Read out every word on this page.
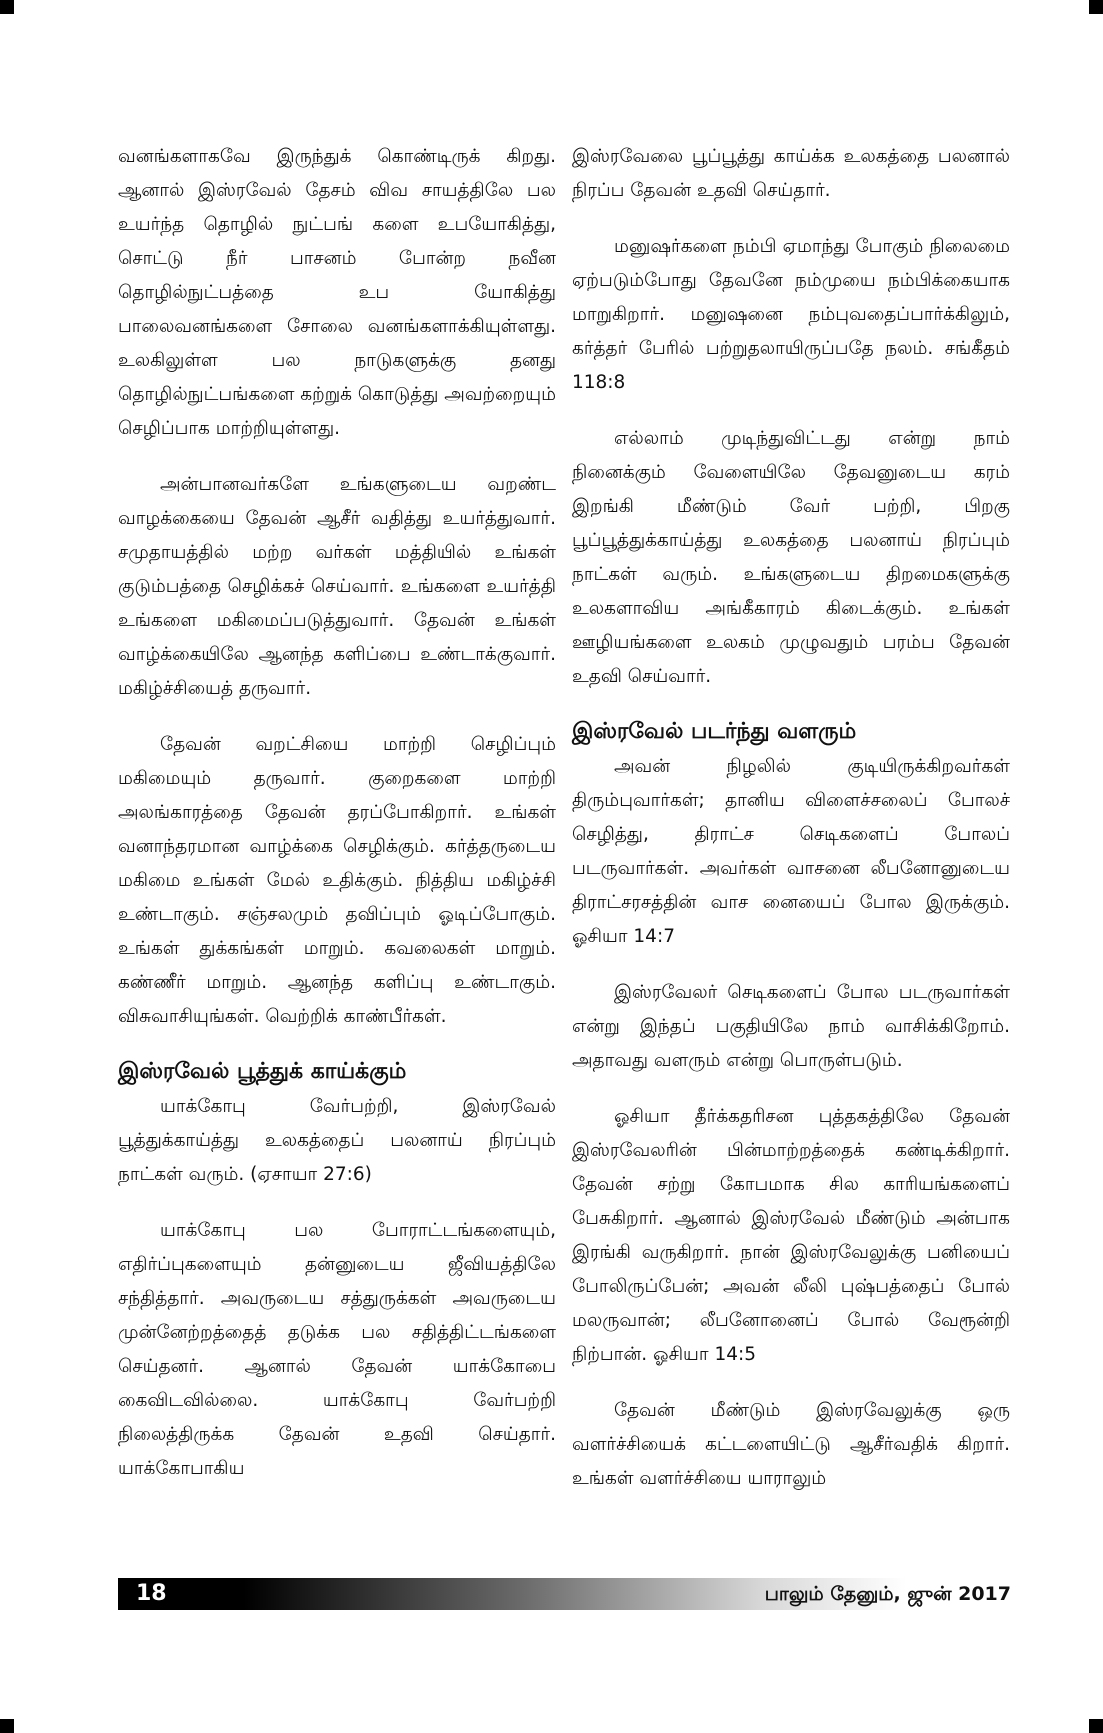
வனங்களாகவே இருந்துக் கொண்டிருக் கிறது. ஆனால் இஸ்ரவேல் தேசம் விவ சாயத்திலே பல உயர்ந்த தொழில் நுட்பங் களை உபயோகித்து, சொட்டு நீர் பாசனம் போன்ற நவீன தொழில்நுட்பத்தை உப யோகித்து பாலைவனங்களை சோலை வனங்களாக்கியுள்ளது. உலகிலுள்ள பல நாடுகளுக்கு தனது தொழில்நுட்பங்களை கற்றுக் கொடுத்து அவற்றையும் செழிப்பாக மாற்றியுள்ளது.

அன்பானவர்களே உங்களுடைய வறண்ட வாழக்கையை தேவன் ஆசீர் வதித்து உயர்த்துவார். சமுதாயத்தில் மற்ற வர்கள் மத்தியில் உங்கள் குடும்பத்தை செழிக்கச் செய்வார். உங்களை உயர்த்தி உங்களை மகிமைப்படுத்துவார். தேவன் உங்கள் வாழ்க்கையிலே ஆனந்த களிப்பை உண்டாக்குவார். மகிழ்ச்சியைத் தருவார்.

தேவன் வறட்சியை மாற்றி செழிப்பும் மகிமையும் தருவார். குறைகளை மாற்றி அலங்காரத்தை தேவன் தரப்போகிறார். உங்கள் வனாந்தரமான வாழ்க்கை செழிக்கும். கர்த்தருடைய மகிமை உங்கள் மேல் உதிக்கும். நித்திய மகிழ்ச்சி உண்டாகும். சஞ்சலமும் தவிப்பும் ஓடிப்போகும். உங்கள் துக்கங்கள் மாறும். கவலைகள் மாறும். கண்ணீர் மாறும். ஆனந்த களிப்பு உண்டாகும். விசுவாசியுங்கள். வெற்றிக் காண்பீர்கள்.

இஸ்ரவேல் பூத்துக் காய்க்கும்

யாக்கோபு வேர்பற்றி, இஸ்ரவேல் பூத்துக்காய்த்து உலகத்தைப் பலனாய் நிரப்பும் நாட்கள் வரும். (ஏசாயா 27:6)

யாக்கோபு பல போராட்டங்களையும், எதிர்ப்புகளையும் தன்னுடைய ஜீவியத்திலே சந்தித்தார். அவருடைய சத்துருக்கள் அவருடைய முன்னேற்றத்தைத் தடுக்க பல சதித்திட்டங்களை செய்தனர். ஆனால் தேவன் யாக்கோபை கைவிடவில்லை. யாக்கோபு வேர்பற்றி நிலைத்திருக்க தேவன் உதவி செய்தார். யாக்கோபாகிய

இஸ்ரவேலை பூப்பூத்து காய்க்க உலகத்தை பலனால் நிரப்ப தேவன் உதவி செய்தார்.

மனுஷர்களை நம்பி ஏமாந்து போகும் நிலைமை ஏற்படும்போது தேவனே நம்முயை நம்பிக்கையாக மாறுகிறார். மனுஷனை நம்புவதைப்பார்க்கிலும், கர்த்தர் பேரில் பற்றுதலாயிருப்பதே நலம். சங்கீதம் 118:8

எல்லாம் முடிந்துவிட்டது என்று நாம் நினைக்கும் வேளையிலே தேவனுடைய கரம் இறங்கி மீண்டும் வேர் பற்றி, பிறகு பூப்பூத்துக்காய்த்து உலகத்தை பலனாய் நிரப்பும் நாட்கள் வரும். உங்களுடைய திறமைகளுக்கு உலகளாவிய அங்கீகாரம் கிடைக்கும். உங்கள் ஊழியங்களை உலகம் முழுவதும் பரம்ப தேவன் உதவி செய்வார்.

இஸ்ரவேல் படர்ந்து வளரும்

அவன் நிழலில் குடியிருக்கிறவர்கள் திரும்புவார்கள்; தானிய விளைச்சலைப் போலச் செழித்து, திராட்ச செடிகளைப் போலப் படருவார்கள். அவர்கள் வாசனை லீபனோனுடைய திராட்சரசத்தின் வாச னையைப் போல இருக்கும். ஓசியா 14:7

இஸ்ரவேலர் செடிகளைப் போல படருவார்கள் என்று இந்தப் பகுதியிலே நாம் வாசிக்கிறோம். அதாவது வளரும் என்று பொருள்படும்.

ஓசியா தீர்க்கதரிசன புத்தகத்திலே தேவன் இஸ்ரவேலரின் பின்மாற்றத்தைக் கண்டிக்கிறார். தேவன் சற்று கோபமாக சில காரியங்களைப் பேசுகிறார். ஆனால் இஸ்ரவேல் மீண்டும் அன்பாக இரங்கி வருகிறார். நான் இஸ்ரவேலுக்கு பனியைப் போலிருப்பேன்; அவன் லீலி புஷ்பத்தைப் போல் மலருவான்; லீபனோனைப் போல் வேரூன்றி நிற்பான். ஓசியா 14:5

தேவன் மீண்டும் இஸ்ரவேலுக்கு ஒரு வளர்ச்சியைக் கட்டளையிட்டு ஆசீர்வதிக் கிறார். உங்கள் வளர்ச்சியை யாராலும்

18	பாலும் தேனும், ஜுன் 2017
